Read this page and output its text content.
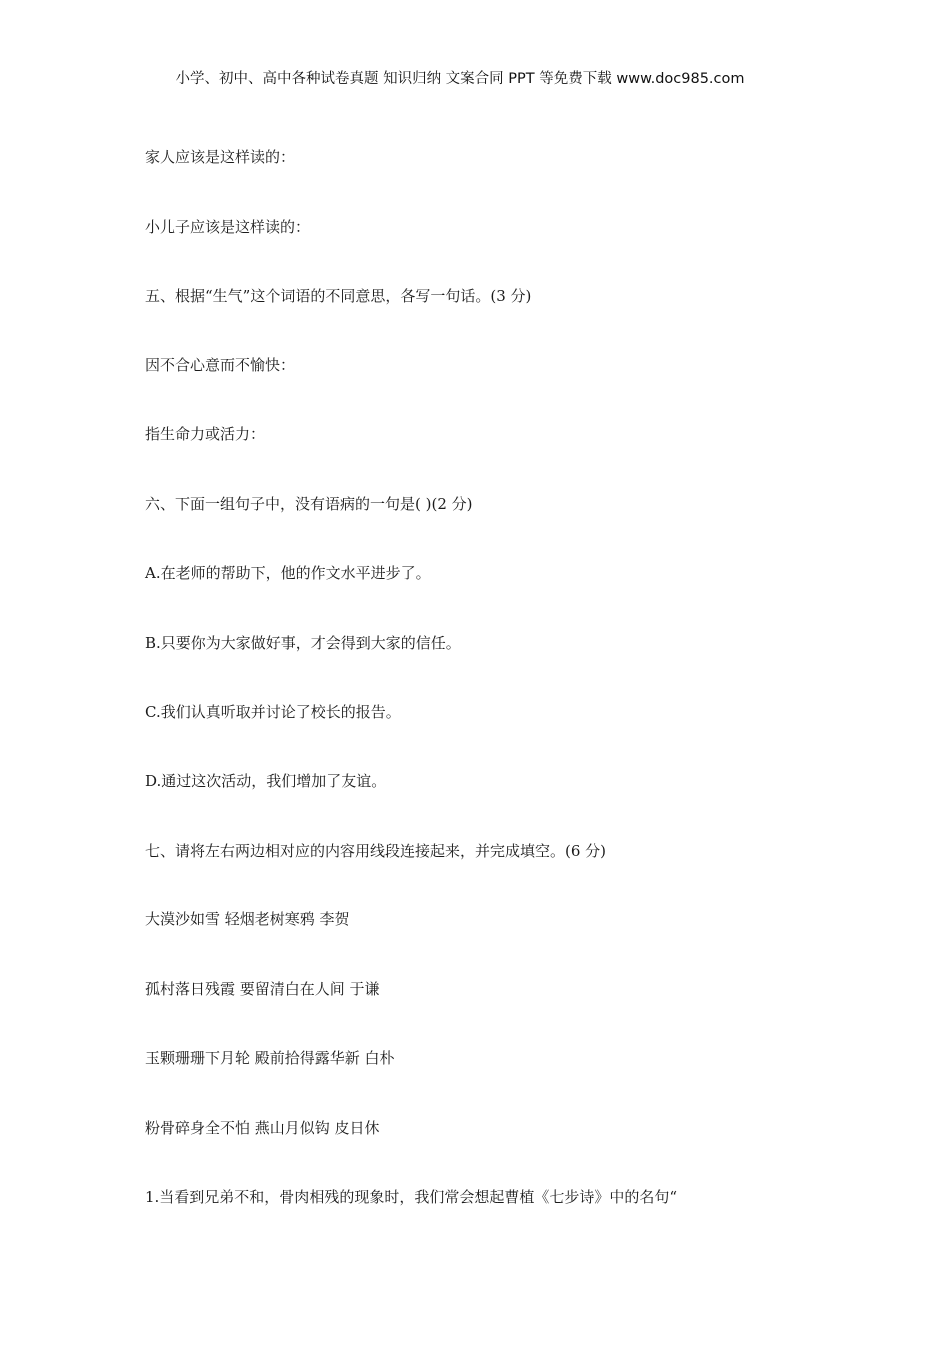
小学、初中、高中各种试卷真题 知识归纳 文案合同 PPT 等免费下载 www.doc985.com
家人应该是这样读的：
小儿子应该是这样读的：
五、根据“生气”这个词语的不同意思，各写一句话。(3 分)
因不合心意而不愉快：
指生命力或活力：
六、下面一组句子中，没有语病的一句是( )(2 分)
A.在老师的帮助下，他的作文水平进步了。
B.只要你为大家做好事，才会得到大家的信任。
C.我们认真听取并讨论了校长的报告。
D.通过这次活动，我们增加了友谊。
七、请将左右两边相对应的内容用线段连接起来，并完成填空。(6 分)
大漠沙如雪 轻烟老树寒鸦 李贺
孤村落日残霞 要留清白在人间 于谦
玉颗珊珊下月轮 殿前拾得露华新 白朴
粉骨碎身全不怕 燕山月似钩 皮日休
1.当看到兄弟不和，骨肉相残的现象时，我们常会想起曹植《七步诗》中的名句“
